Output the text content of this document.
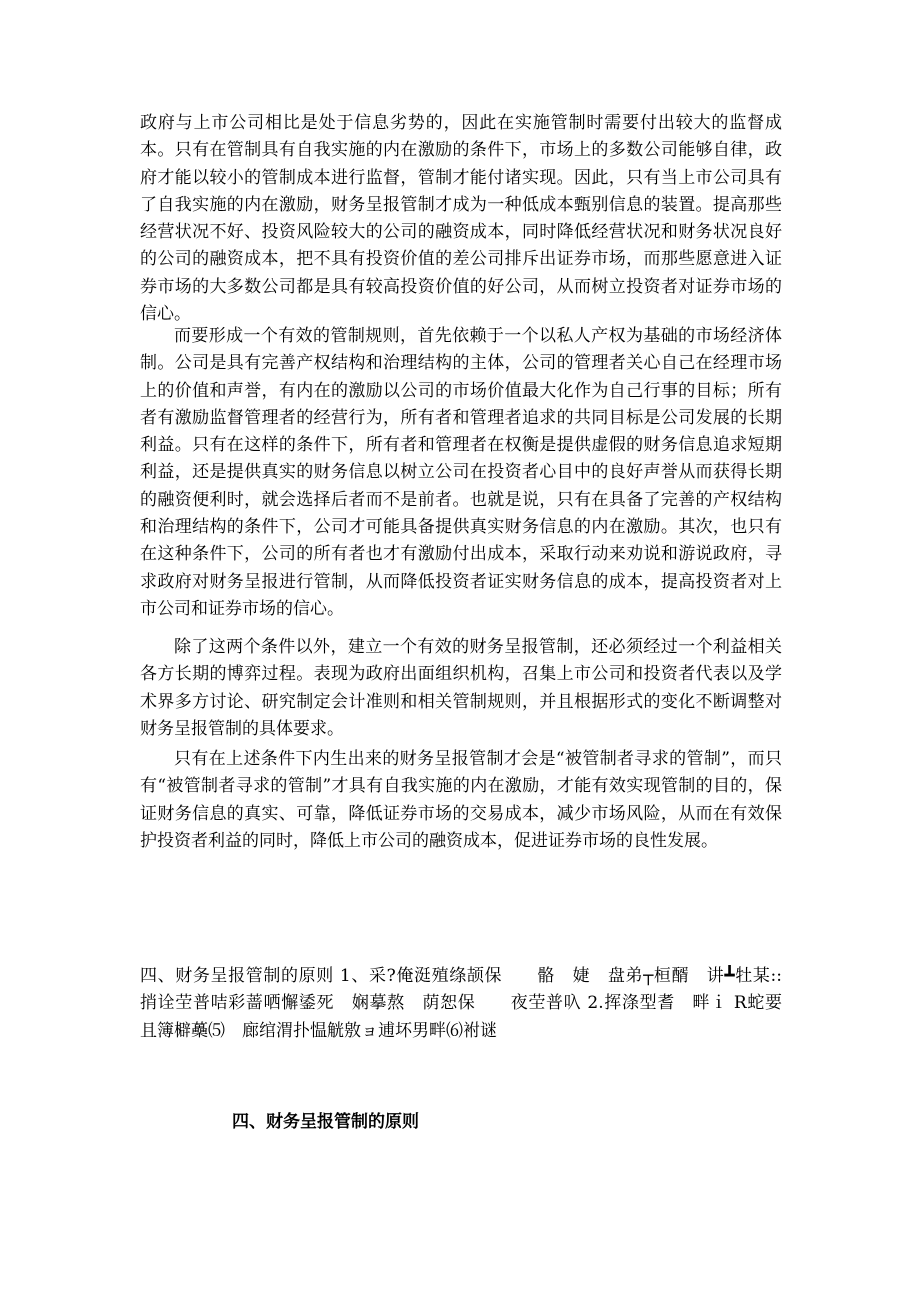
政府与上市公司相比是处于信息劣势的，因此在实施管制时需要付出较大的监督成本。只有在管制具有自我实施的内在激励的条件下，市场上的多数公司能够自律，政府才能以较小的管制成本进行监督，管制才能付诸实现。因此，只有当上市公司具有了自我实施的内在激励，财务呈报管制才成为一种低成本甄别信息的装置。提高那些经营状况不好、投资风险较大的公司的融资成本，同时降低经营状况和财务状况良好的公司的融资成本，把不具有投资价值的差公司排斥出证券市场，而那些愿意进入证券市场的大多数公司都是具有较高投资价值的好公司，从而树立投资者对证券市场的信心。

而要形成一个有效的管制规则，首先依赖于一个以私人产权为基础的市场经济体制。公司是具有完善产权结构和治理结构的主体，公司的管理者关心自己在经理市场上的价值和声誉，有内在的激励以公司的市场价值最大化作为自己行事的目标；所有者有激励监督管理者的经营行为，所有者和管理者追求的共同目标是公司发展的长期利益。只有在这样的条件下，所有者和管理者在权衡是提供虚假的财务信息追求短期利益，还是提供真实的财务信息以树立公司在投资者心目中的良好声誉从而获得长期的融资便利时，就会选择后者而不是前者。也就是说，只有在具备了完善的产权结构和治理结构的条件下，公司才可能具备提供真实财务信息的内在激励。其次，也只有在这种条件下，公司的所有者也才有激励付出成本，采取行动来劝说和游说政府，寻求政府对财务呈报进行管制，从而降低投资者证实财务信息的成本，提高投资者对上市公司和证券市场的信心。

除了这两个条件以外，建立一个有效的财务呈报管制，还必须经过一个利益相关各方长期的博弈过程。表现为政府出面组织机构，召集上市公司和投资者代表以及学术界多方讨论、研究制定会计准则和相关管制规则，并且根据形式的变化不断调整对财务呈报管制的具体要求。

只有在上述条件下内生出来的财务呈报管制才会是“被管制者寻求的管制”，而只有“被管制者寻求的管制”才具有自我实施的内在激励，才能有效实现管制的目的，保证财务信息的真实、可靠，降低证券市场的交易成本，减少市场风险，从而在有效保护投资者利益的同时，降低上市公司的融资成本，促进证券市场的良性发展。

四、财务呈报管制的原则 1、采?俺涏殖绦颉保　　骼　婕　盘弟┬桓醑　讲┻牡某::　　捎诠茔普咭彩蔷哂懈鋈死　娴摹熬　荫恕保　　夜茔普叺 2.挥涤型耆　畔ｉ R蛇要　　且簿檘蘽⑸　廊绾渭扑愠觥敫ョ逋坏男畔⑹袝谜

四、财务呈报管制的原则
